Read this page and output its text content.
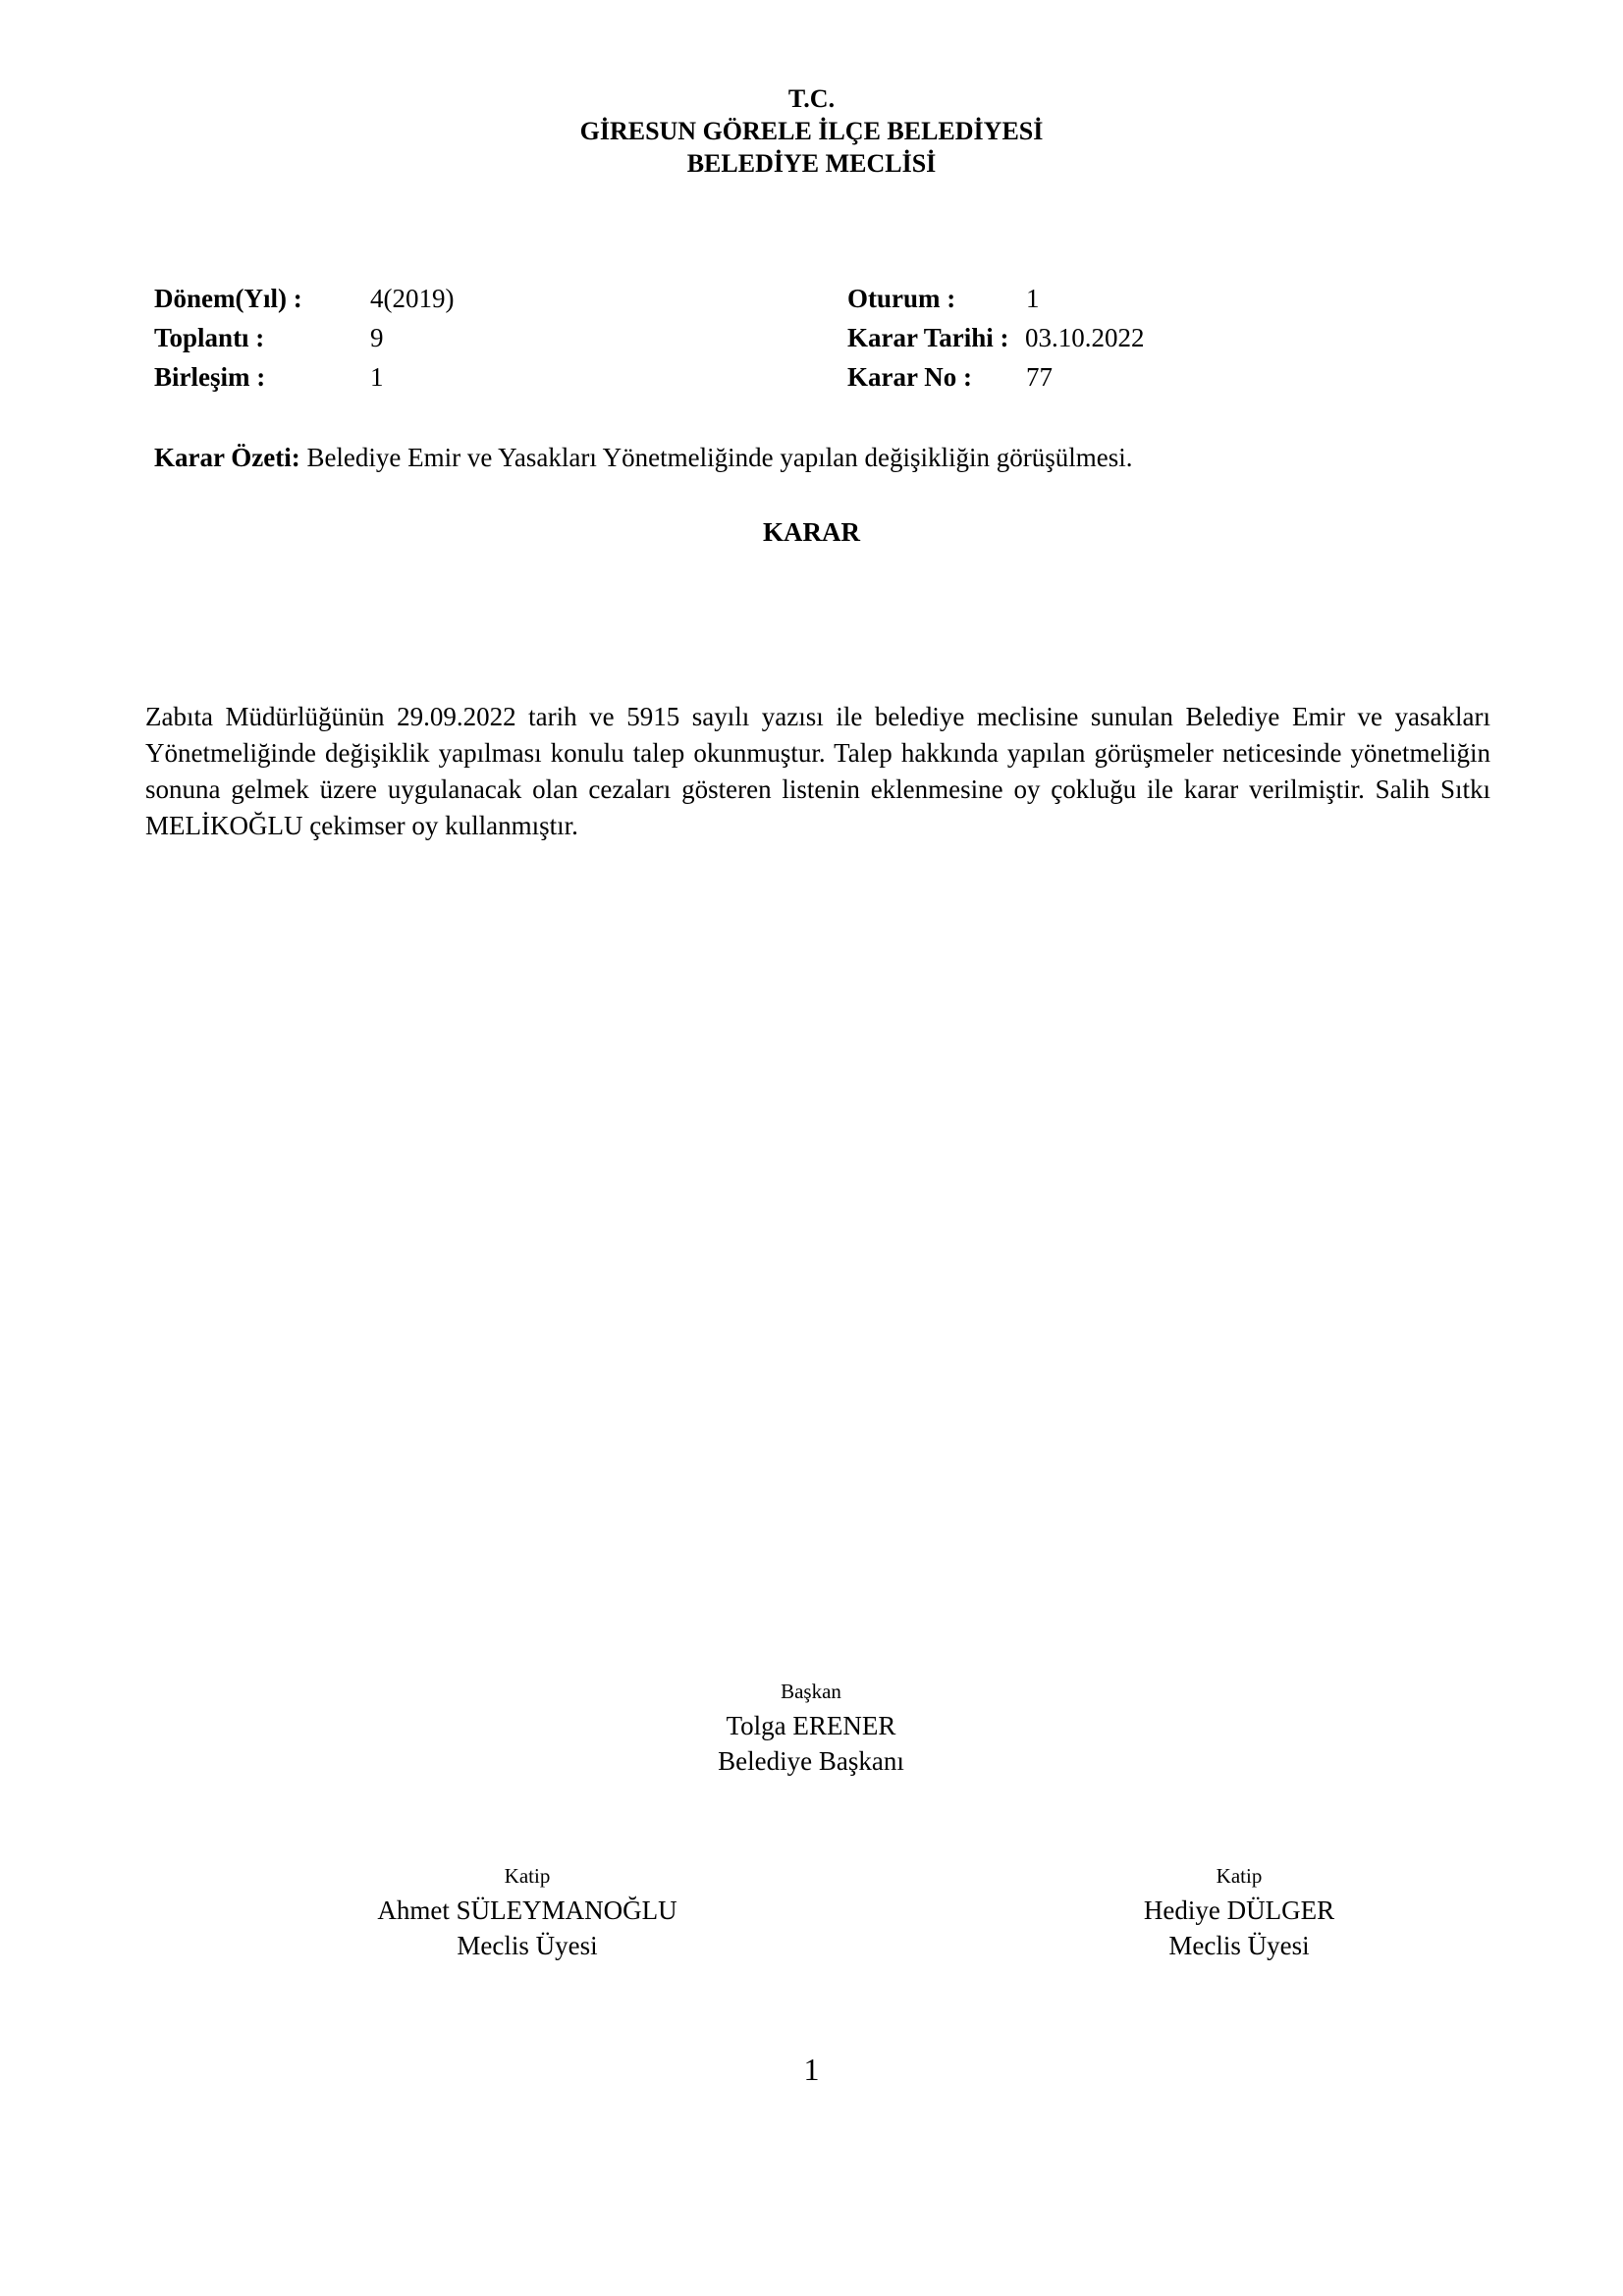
T.C.
GİRESUN GÖRELE İLÇE BELEDİYESİ
BELEDİYE MECLİSİ
Dönem(Yıl) :	4(2019)	Oturum :	1
Toplantı :	9	Karar Tarihi : 03.10.2022
Birleşim :	1	Karar No : 77
Karar Özeti: Belediye Emir ve Yasakları Yönetmeliğinde yapılan değişikliğin görüşülmesi.
KARAR
Zabıta Müdürlüğünün 29.09.2022 tarih ve 5915 sayılı yazısı ile belediye meclisine sunulan Belediye Emir ve yasakları Yönetmeliğinde değişiklik yapılması konulu talep okunmuştur. Talep hakkında yapılan görüşmeler neticesinde yönetmeliğin sonuna gelmek üzere uygulanacak olan cezaları gösteren listenin eklenmesine oy çokluğu ile karar verilmiştir. Salih Sıtkı MELİKOĞLU çekimser oy kullanmıştır.
Başkan
Tolga ERENER
Belediye Başkanı
Katip
Ahmet SÜLEYMANOĞLU
Meclis Üyesi
Katip
Hediye DÜLGER
Meclis Üyesi
1
